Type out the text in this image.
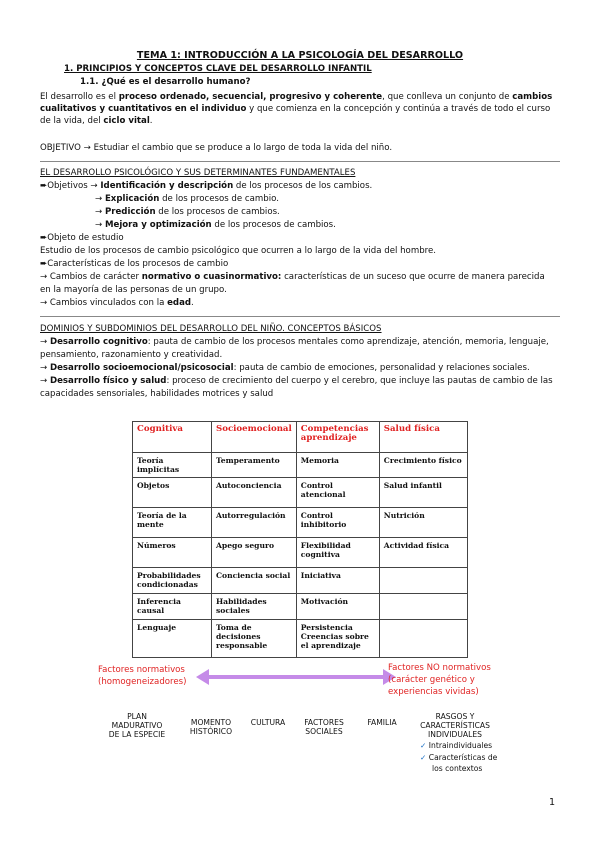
TEMA 1: INTRODUCCIÓN A LA PSICOLOGÍA DEL DESARROLLO
1. PRINCIPIOS Y CONCEPTOS CLAVE DEL DESARROLLO INFANTIL
1.1. ¿Qué es el desarrollo humano?
El desarrollo es el proceso ordenado, secuencial, progresivo y coherente, que conlleva un conjunto de cambios
cualitativos y cuantitativos en el individuo y que comienza en la concepción y continúa a través de todo el curso
de la vida, del ciclo vital.
OBJETIVO → Estudiar el cambio que se produce a lo largo de toda la vida del niño.
EL DESARROLLO PSICOLÓGICO Y SUS DETERMINANTES FUNDAMENTALES
➨Objetivos → Identificación y descripción de los procesos de los cambios.
→ Explicación de los procesos de cambio.
→ Predicción de los procesos de cambios.
→ Mejora y optimización de los procesos de cambios.
➨Objeto de estudio
Estudio de los procesos de cambio psicológico que ocurren a lo largo de la vida del hombre.
➨Características de los procesos de cambio
→ Cambios de carácter normativo o cuasinormativo: características de un suceso que ocurre de manera parecida
en la mayoría de las personas de un grupo.
→ Cambios vinculados con la edad.
DOMINIOS Y SUBDOMINIOS DEL DESARROLLO DEL NIÑO. CONCEPTOS BÁSICOS
→ Desarrollo cognitivo: pauta de cambio de los procesos mentales como aprendizaje, atención, memoria, lenguaje,
pensamiento, razonamiento y creatividad.
→ Desarrollo socioemocional/psicosocial: pauta de cambio de emociones, personalidad y relaciones sociales.
→ Desarrollo físico y salud: proceso de crecimiento del cuerpo y el cerebro, que incluye las pautas de cambio de las
capacidades sensoriales, habilidades motrices y salud
Cognitiva	Socioemocional	Competencias aprendizaje	Salud física
Teoría implícitas	Temperamento	Memoria	Crecimiento físico
Objetos	Autoconciencia	Control atencional	Salud infantil
Teoría de la mente	Autorregulación	Control inhibitorio	Nutrición
Números	Apego seguro	Flexibilidad cognitiva	Actividad física
Probabilidades condicionadas	Conciencia social	Iniciativa	
Inferencia causal	Habilidades sociales	Motivación	
Lenguaje	Toma de decisiones responsable	Persistencia Creencias sobre el aprendizaje	
Factores normativos
(homogeneizadores)
Factores NO normativos
(carácter genético y
experiencias vividas)
PLAN
MADURATIVO
DE LA ESPECIE
MOMENTO
HISTÓRICO
CULTURA	FACTORES
SOCIALES
FAMILIA
RASGOS Y
CARACTERÍSTICAS
INDIVIDUALES
✓ Intraindividuales
✓ Características de
los contextos
1
